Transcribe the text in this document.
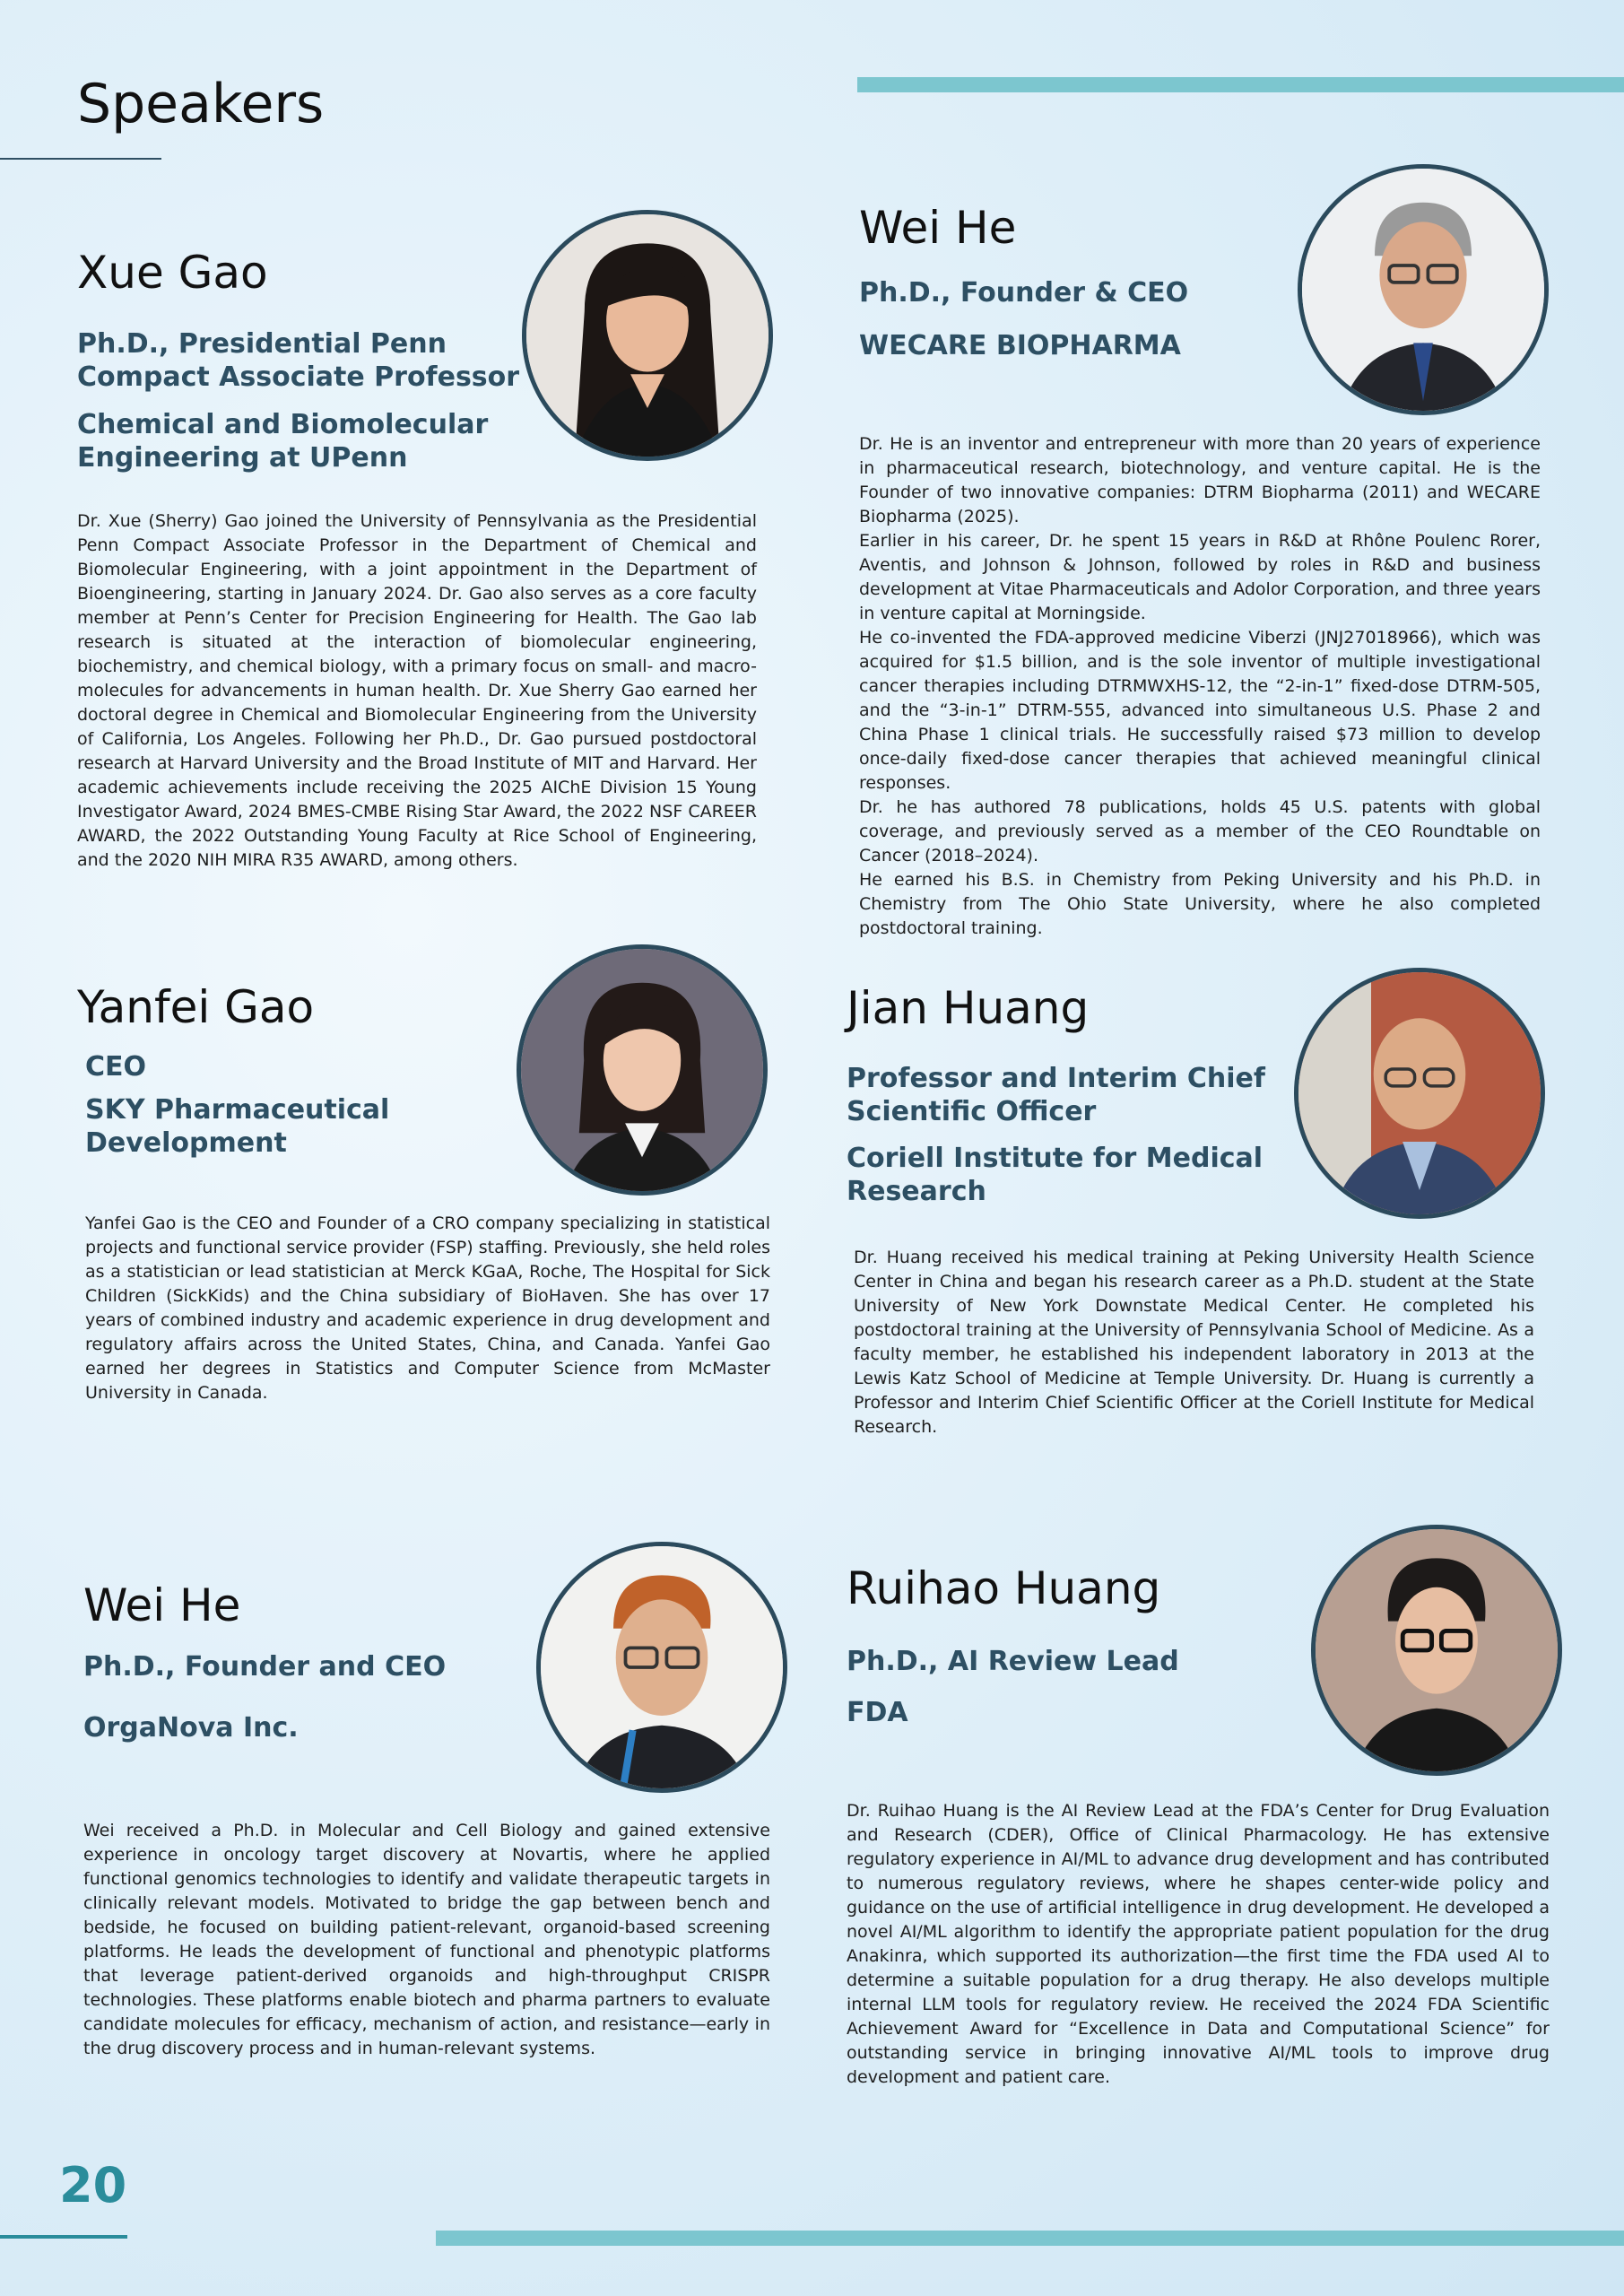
Speakers
Xue Gao
Ph.D., Presidential Penn Compact Associate Professor
Chemical and Biomolecular Engineering at UPenn

Dr. Xue (Sherry) Gao joined the University of Pennsylvania as the Presidential Penn Compact Associate Professor in the Department of Chemical and Biomolecular Engineering, with a joint appointment in the Department of Bioengineering, starting in January 2024. Dr. Gao also serves as a core faculty member at Penn’s Center for Precision Engineering for Health. The Gao lab research is situated at the interaction of biomolecular engineering, biochemistry, and chemical biology, with a primary focus on small- and macro-molecules for advancements in human health. Dr. Xue Sherry Gao earned her doctoral degree in Chemical and Biomolecular Engineering from the University of California, Los Angeles. Following her Ph.D., Dr. Gao pursued postdoctoral research at Harvard University and the Broad Institute of MIT and Harvard. Her academic achievements include receiving the 2025 AIChE Division 15 Young Investigator Award, 2024 BMES-CMBE Rising Star Award, the 2022 NSF CAREER AWARD, the 2022 Outstanding Young Faculty at Rice School of Engineering, and the 2020 NIH MIRA R35 AWARD, among others.

Wei He
Ph.D., Founder & CEO
WECARE BIOPHARMA

Dr. He is an inventor and entrepreneur with more than 20 years of experience in pharmaceutical research, biotechnology, and venture capital. He is the Founder of two innovative companies: DTRM Biopharma (2011) and WECARE Biopharma (2025).

Earlier in his career, Dr. he spent 15 years in R&D at Rhône Poulenc Rorer, Aventis, and Johnson & Johnson, followed by roles in R&D and business development at Vitae Pharmaceuticals and Adolor Corporation, and three years in venture capital at Morningside.

He co-invented the FDA-approved medicine Viberzi (JNJ27018966), which was acquired for $1.5 billion, and is the sole inventor of multiple investigational cancer therapies including DTRMWXHS-12, the “2-in-1” fixed-dose DTRM-505, and the “3-in-1” DTRM-555, advanced into simultaneous U.S. Phase 2 and China Phase 1 clinical trials. He successfully raised $73 million to develop once-daily fixed-dose cancer therapies that achieved meaningful clinical responses.

Dr. he has authored 78 publications, holds 45 U.S. patents with global coverage, and previously served as a member of the CEO Roundtable on Cancer (2018–2024).

He earned his B.S. in Chemistry from Peking University and his Ph.D. in Chemistry from The Ohio State University, where he also completed postdoctoral training.

Yanfei Gao
CEO
SKY Pharmaceutical Development

Yanfei Gao is the CEO and Founder of a CRO company specializing in statistical projects and functional service provider (FSP) staffing. Previously, she held roles as a statistician or lead statistician at Merck KGaA, Roche, The Hospital for Sick Children (SickKids) and the China subsidiary of BioHaven. She has over 17 years of combined industry and academic experience in drug development and regulatory affairs across the United States, China, and Canada. Yanfei Gao earned her degrees in Statistics and Computer Science from McMaster University in Canada.

Jian Huang
Professor and Interim Chief Scientific Officer
Coriell Institute for Medical Research

Dr. Huang received his medical training at Peking University Health Science Center in China and began his research career as a Ph.D. student at the State University of New York Downstate Medical Center. He completed his postdoctoral training at the University of Pennsylvania School of Medicine. As a faculty member, he established his independent laboratory in 2013 at the Lewis Katz School of Medicine at Temple University. Dr. Huang is currently a Professor and Interim Chief Scientific Officer at the Coriell Institute for Medical Research.

Wei He
Ph.D., Founder and CEO
OrgaNova Inc.

Wei received a Ph.D. in Molecular and Cell Biology and gained extensive experience in oncology target discovery at Novartis, where he applied functional genomics technologies to identify and validate therapeutic targets in clinically relevant models. Motivated to bridge the gap between bench and bedside, he focused on building patient-relevant, organoid-based screening platforms. He leads the development of functional and phenotypic platforms that leverage patient-derived organoids and high-throughput CRISPR technologies. These platforms enable biotech and pharma partners to evaluate candidate molecules for efficacy, mechanism of action, and resistance—early in the drug discovery process and in human-relevant systems.

Ruihao Huang
Ph.D., AI Review Lead
FDA

Dr. Ruihao Huang is the AI Review Lead at the FDA’s Center for Drug Evaluation and Research (CDER), Office of Clinical Pharmacology. He has extensive regulatory experience in AI/ML to advance drug development and has contributed to numerous regulatory reviews, where he shapes center-wide policy and guidance on the use of artificial intelligence in drug development. He developed a novel AI/ML algorithm to identify the appropriate patient population for the drug Anakinra, which supported its authorization—the first time the FDA used AI to determine a suitable population for a drug therapy. He also develops multiple internal LLM tools for regulatory review. He received the 2024 FDA Scientific Achievement Award for “Excellence in Data and Computational Science” for outstanding service in bringing innovative AI/ML tools to improve drug development and patient care.

20
